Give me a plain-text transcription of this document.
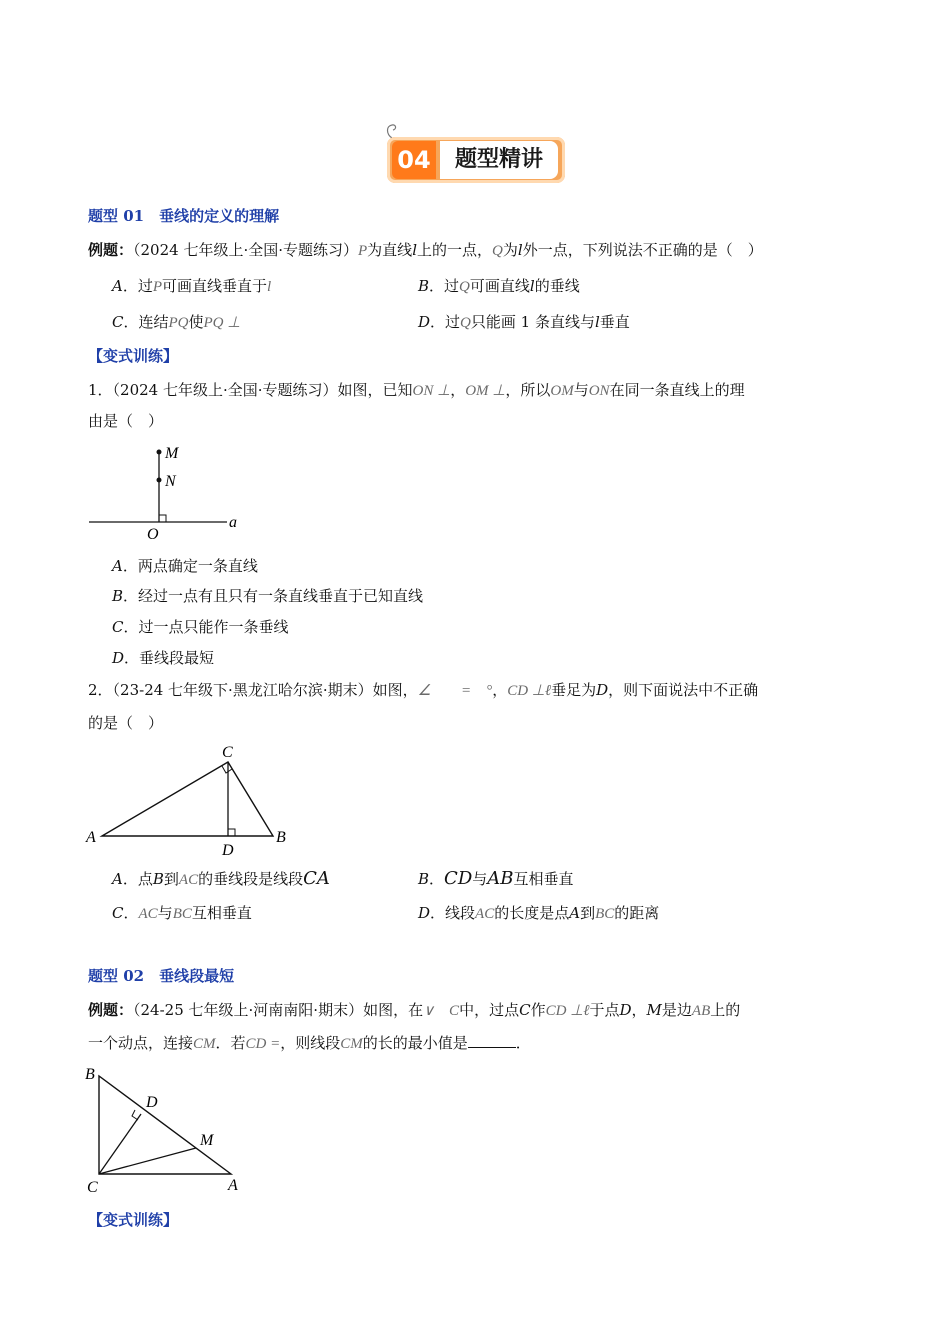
04	题型精讲
题型 01　垂线的定义的理解
例题：（2024 七年级上·全国·专题练习）P为直线l上的一点，Q为l外一点，下列说法不正确的是（　）
A．过P可画直线垂直于l	B．过Q可画直线l的垂线
C．连结PQ使PQ ⊥	D．过Q只能画 1 条直线与l垂直
【变式训练】
1．（2024 七年级上·全国·专题练习）如图，已知ON ⊥，OM ⊥，所以OM与ON在同一条直线上的理
由是（　）
M
N
O
a
A．两点确定一条直线
B．经过一点有且只有一条直线垂直于已知直线
C．过一点只能作一条垂线
D．垂线段最短
2．（23-24 七年级下·黑龙江哈尔滨·期末）如图，∠　　=　°，CD ⊥ℓ垂足为D，则下面说法中不正确
的是（　）
C
A	B
D
A．点B到AC的垂线段是线段CA	B．CD与AB互相垂直
C．AC与BC互相垂直	D．线段AC的长度是点A到BC的距离
题型 02　垂线段最短
例题：（24-25 七年级上·河南南阳·期末）如图，在∨　C中，过点C作CD ⊥ℓ于点D，M是边AB上的
一个动点，连接CM．若CD =，则线段CM的长的最小值是	．
B
D
M
C	A
【变式训练】
